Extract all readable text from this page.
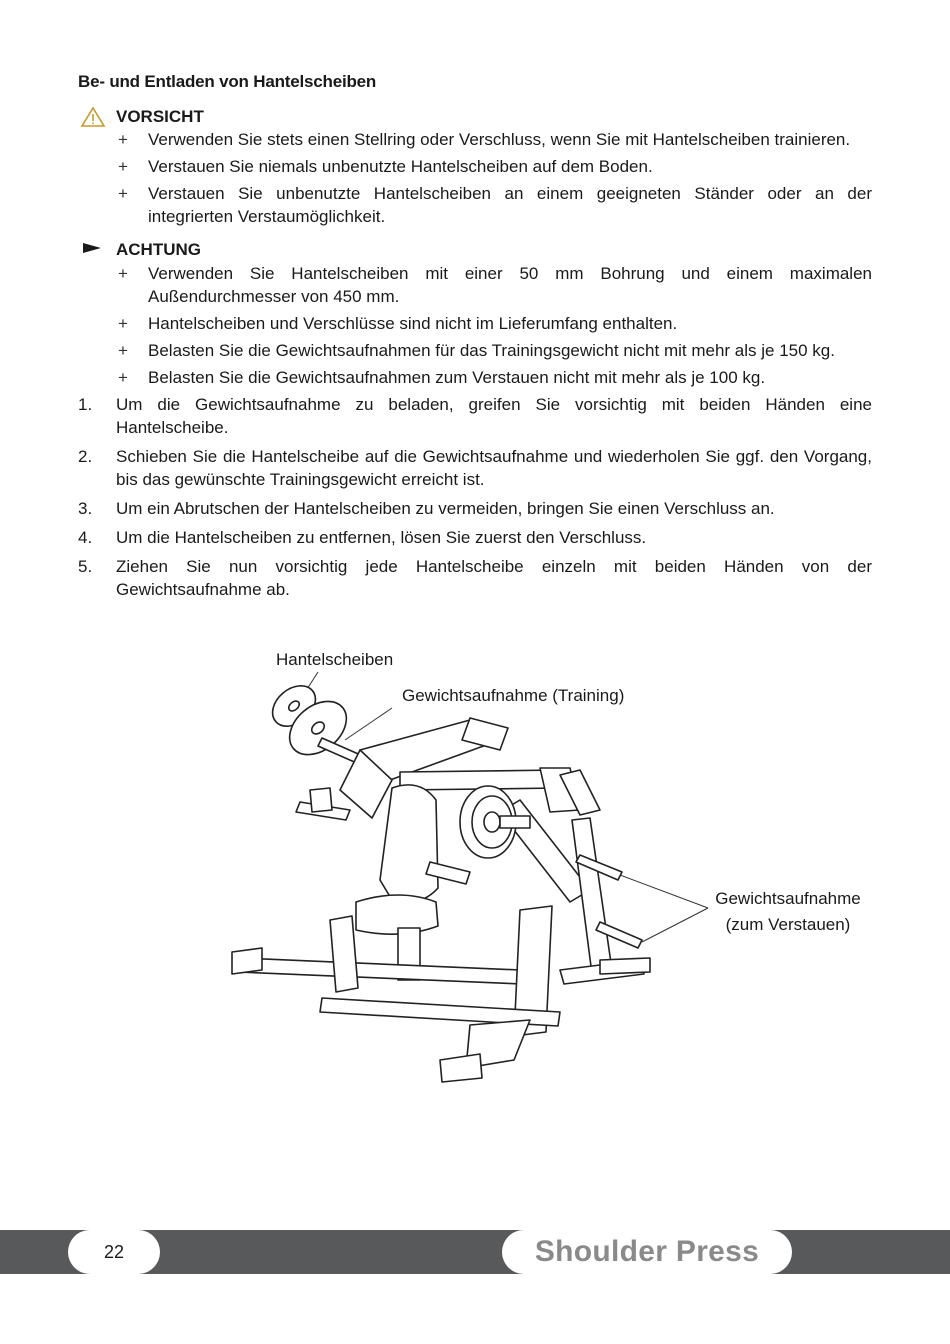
Be- und Entladen von Hantelscheiben
VORSICHT
+ Verwenden Sie stets einen Stellring oder Verschluss, wenn Sie mit Hantelscheiben trainieren.
+ Verstauen Sie niemals unbenutzte Hantelscheiben auf dem Boden.
+ Verstauen Sie unbenutzte Hantelscheiben an einem geeigneten Ständer oder an der integrierten Verstaumöglichkeit.
ACHTUNG
+ Verwenden Sie Hantelscheiben mit einer 50 mm Bohrung und einem maximalen Außendurchmesser von 450 mm.
+ Hantelscheiben und Verschlüsse sind nicht im Lieferumfang enthalten.
+ Belasten Sie die Gewichtsaufnahmen für das Trainingsgewicht nicht mit mehr als je 150 kg.
+ Belasten Sie die Gewichtsaufnahmen zum Verstauen nicht mit mehr als je 100 kg.
1. Um die Gewichtsaufnahme zu beladen, greifen Sie vorsichtig mit beiden Händen eine Hantelscheibe.
2. Schieben Sie die Hantelscheibe auf die Gewichtsaufnahme und wiederholen Sie ggf. den Vorgang, bis das gewünschte Trainingsgewicht erreicht ist.
3. Um ein Abrutschen der Hantelscheiben zu vermeiden, bringen Sie einen Verschluss an.
4. Um die Hantelscheiben zu entfernen, lösen Sie zuerst den Verschluss.
5. Ziehen Sie nun vorsichtig jede Hantelscheibe einzeln mit beiden Händen von der Gewichtsaufnahme ab.
Hantelscheiben
Gewichtsaufnahme (Training)
Gewichtsaufnahme
(zum Verstauen)
22	Shoulder Press
